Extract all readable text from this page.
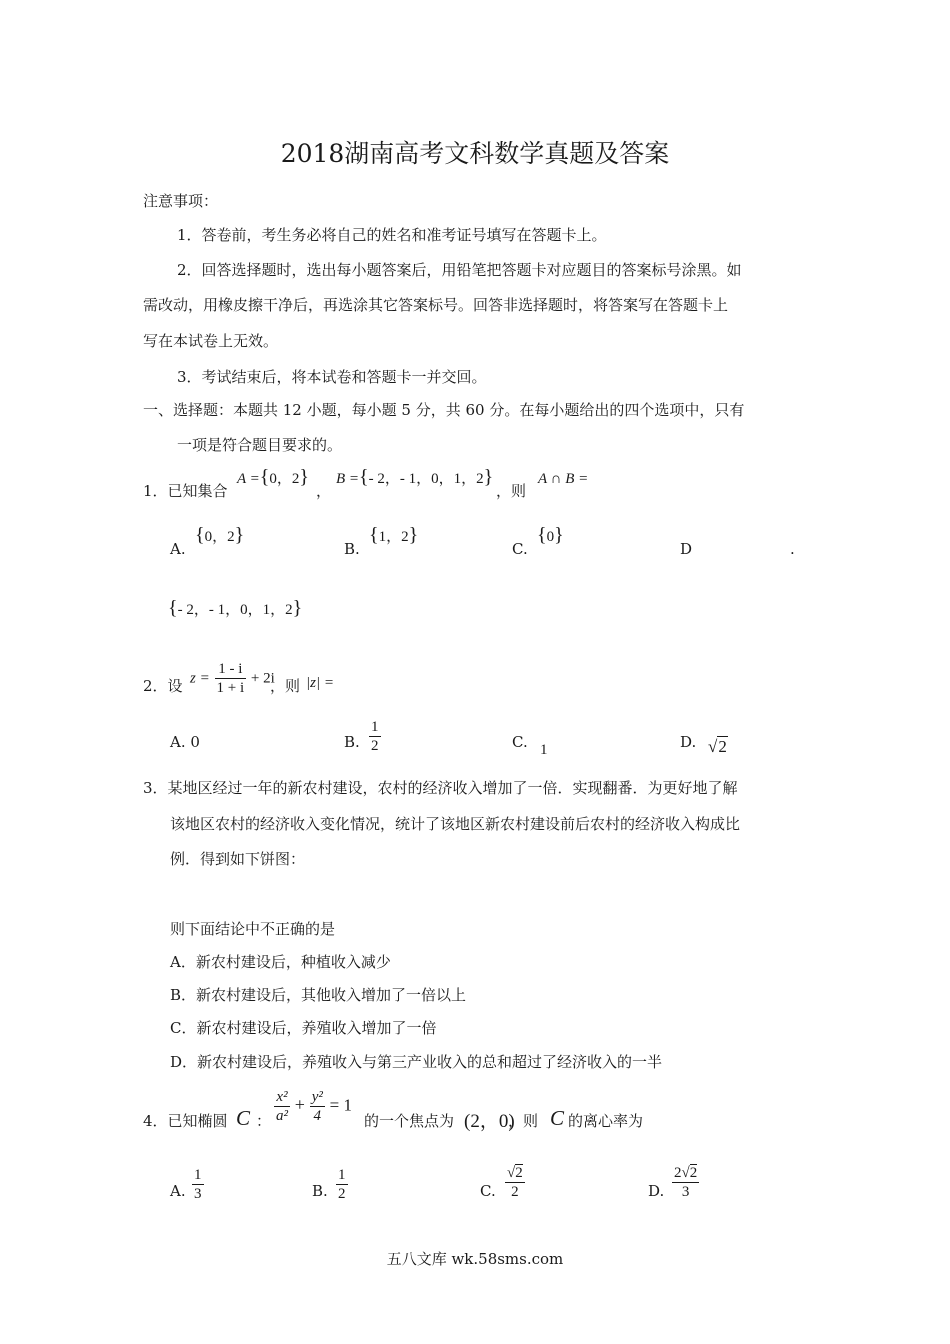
2018湖南高考文科数学真题及答案
注意事项：
1．答卷前，考生务必将自己的姓名和准考证号填写在答题卡上。
2．回答选择题时，选出每小题答案后，用铅笔把答题卡对应题目的答案标号涂黑。如
需改动，用橡皮擦干净后，再选涂其它答案标号。回答非选择题时，将答案写在答题卡上
写在本试卷上无效。
3．考试结束后，将本试卷和答题卡一并交回。
一、选择题：本题共 12 小题，每小题 5 分，共 60 分。在每小题给出的四个选项中，只有
一项是符合题目要求的。
1．已知集合
A ={0，2}
，
B ={- 2，- 1，0，1，2}
，则
A ∩ B =
A.
{0，2}
B.
{1，2}
C.
{0}
D	.
{- 2，- 1，0，1，2}
2．设 $z = \frac{1 - i}{1 + i} + 2i$
，则 |z| =
A. 0	B. $\frac{1}{2}$	C. 1	D. √2
3．某地区经过一年的新农村建设，农村的经济收入增加了一倍．实现翻番．为更好地了解
该地区农村的经济收入变化情况，统计了该地区新农村建设前后农村的经济收入构成比
例．得到如下饼图：
则下面结论中不正确的是
A．新农村建设后，种植收入减少
B．新农村建设后，其他收入增加了一倍以上
C．新农村建设后，养殖收入增加了一倍
D．新农村建设后，养殖收入与第三产业收入的总和超过了经济收入的一半
4．已知椭圆 C ： $\frac{\text{x²}}{\text{a²}} + \frac{\text{y²}}{4} = 1$
的一个焦点为 (2，0)
，则 C 的离心率为
A. $\frac{1}{3}$	B. $\frac{1}{2}$	C. $\frac{√2}{2}$	D. $\frac{2√2}{3}$
五八文库 wk.58sms.com
